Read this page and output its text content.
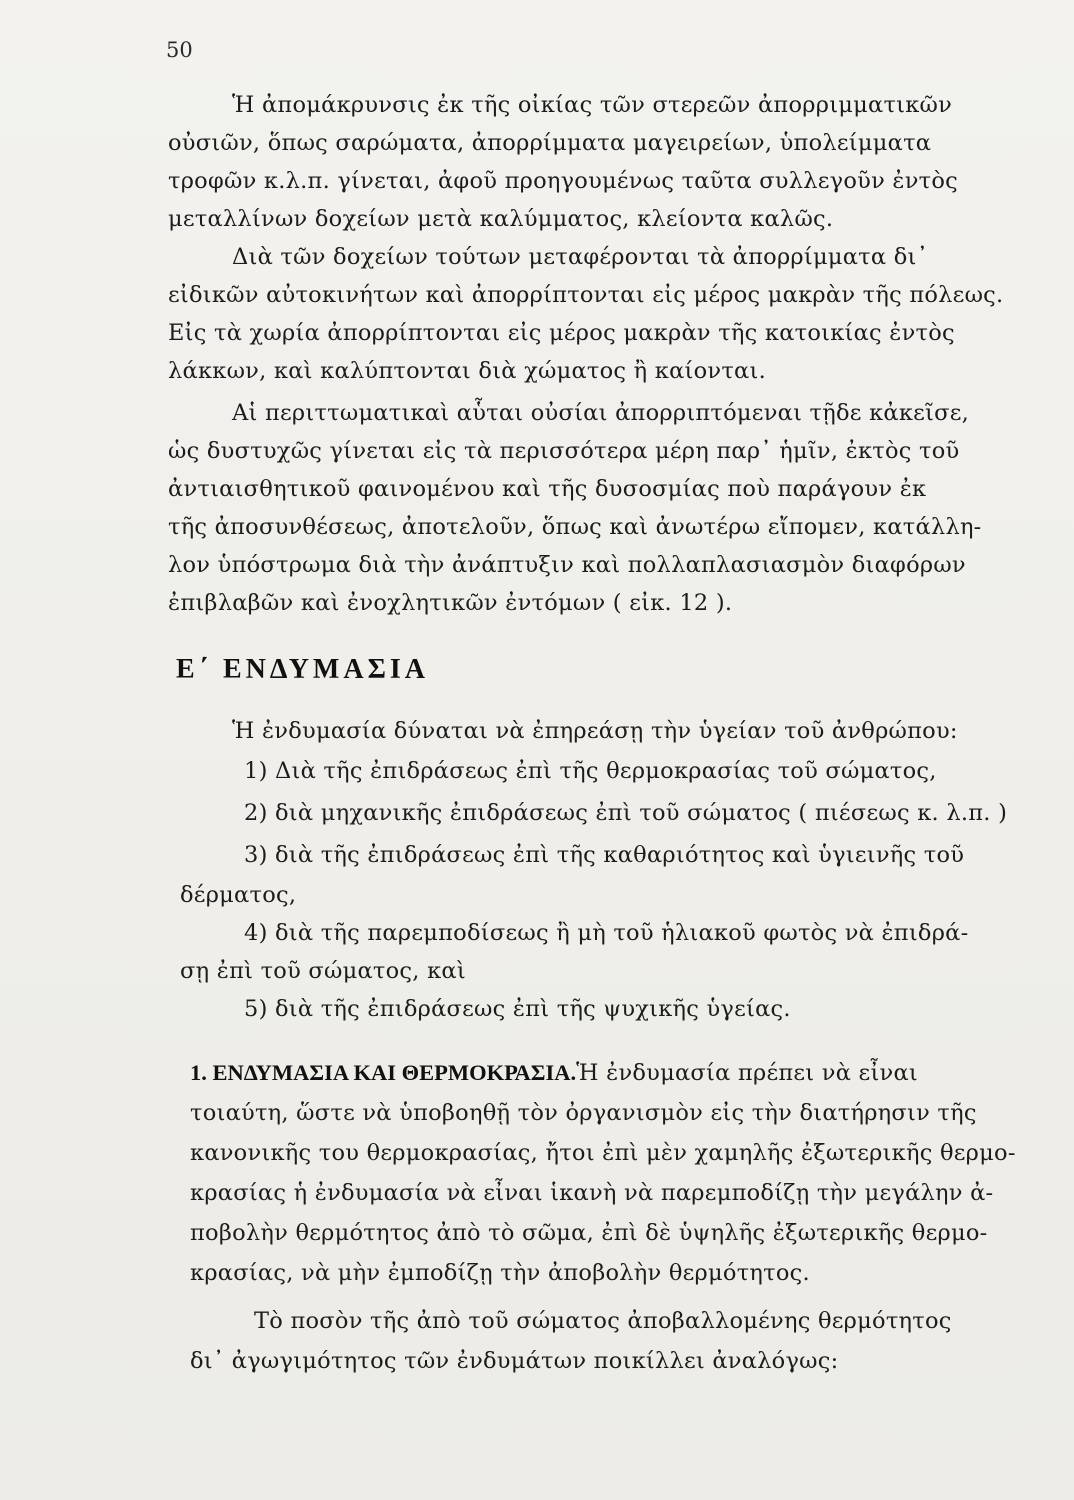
50
Ἡ ἀπομάκρυνσις ἐκ τῆς οἰκίας τῶν στερεῶν ἀπορριμματικῶν
οὐσιῶν, ὅπως σαρώματα, ἀπορρίμματα μαγειρείων, ὑπολείμματα
τροφῶν κ.λ.π. γίνεται, ἀφοῦ προηγουμένως ταῦτα συλλεγοῦν ἐντὸς
μεταλλίνων δοχείων μετὰ καλύμματος, κλείοντα καλῶς.
Διὰ τῶν δοχείων τούτων μεταφέρονται τὰ ἀπορρίμματα δι᾿
εἰδικῶν αὐτοκινήτων καὶ ἀπορρίπτονται εἰς μέρος μακρὰν τῆς πόλεως.
Εἰς τὰ χωρία ἀπορρίπτονται εἰς μέρος μακρὰν τῆς κατοικίας ἐντὸς
λάκκων, καὶ καλύπτονται διὰ χώματος ἢ καίονται.
Αἱ περιττωματικαὶ αὗται οὐσίαι ἀπορριπτόμεναι τῇδε κἀκεῖσε,
ὡς δυστυχῶς γίνεται εἰς τὰ περισσότερα μέρη παρ᾿ ἡμῖν, ἐκτὸς τοῦ
ἀντιαισθητικοῦ φαινομένου καὶ τῆς δυσοσμίας ποὺ παράγουν ἐκ
τῆς ἀποσυνθέσεως, ἀποτελοῦν, ὅπως καὶ ἀνωτέρω εἴπομεν, κατάλλη-
λον ὑπόστρωμα διὰ τὴν ἀνάπτυξιν καὶ πολλαπλασιασμὸν διαφόρων
ἐπιβλαβῶν καὶ ἐνοχλητικῶν ἐντόμων ( εἰκ. 12 ).
Ε΄ ΕΝΔΥΜΑΣΙΑ
Ἡ ἐνδυμασία δύναται νὰ ἐπηρεάσῃ τὴν ὑγείαν τοῦ ἀνθρώπου:
1) Διὰ τῆς ἐπιδράσεως ἐπὶ τῆς θερμοκρασίας τοῦ σώματος,
2) διὰ μηχανικῆς ἐπιδράσεως ἐπὶ τοῦ σώματος ( πιέσεως κ. λ.π. )
3) διὰ τῆς ἐπιδράσεως ἐπὶ τῆς καθαριότητος καὶ ὑγιεινῆς τοῦ
δέρματος,
4) διὰ τῆς παρεμποδίσεως ἢ μὴ τοῦ ἡλιακοῦ φωτὸς νὰ ἐπιδρά-
σῃ ἐπὶ τοῦ σώματος, καὶ
5) διὰ τῆς ἐπιδράσεως ἐπὶ τῆς ψυχικῆς ὑγείας.
1. ΕΝΔΥΜΑΣΙΑ ΚΑΙ ΘΕΡΜΟΚΡΑΣΙΑ.Ἡ ἐνδυμασία πρέπει νὰ εἶναι
τοιαύτη, ὥστε νὰ ὑποβοηθῇ τὸν ὀργανισμὸν εἰς τὴν διατήρησιν τῆς
κανονικῆς του θερμοκρασίας, ἤτοι ἐπὶ μὲν χαμηλῆς ἐξωτερικῆς θερμο-
κρασίας ἡ ἐνδυμασία νὰ εἶναι ἱκανὴ νὰ παρεμποδίζῃ τὴν μεγάλην ἀ-
ποβολὴν θερμότητος ἀπὸ τὸ σῶμα, ἐπὶ δὲ ὑψηλῆς ἐξωτερικῆς θερμο-
κρασίας, νὰ μὴν ἐμποδίζῃ τὴν ἀποβολὴν θερμότητος.
Τὸ ποσὸν τῆς ἀπὸ τοῦ σώματος ἀποβαλλομένης θερμότητος
δι᾿ ἀγωγιμότητος τῶν ἐνδυμάτων ποικίλλει ἀναλόγως:
